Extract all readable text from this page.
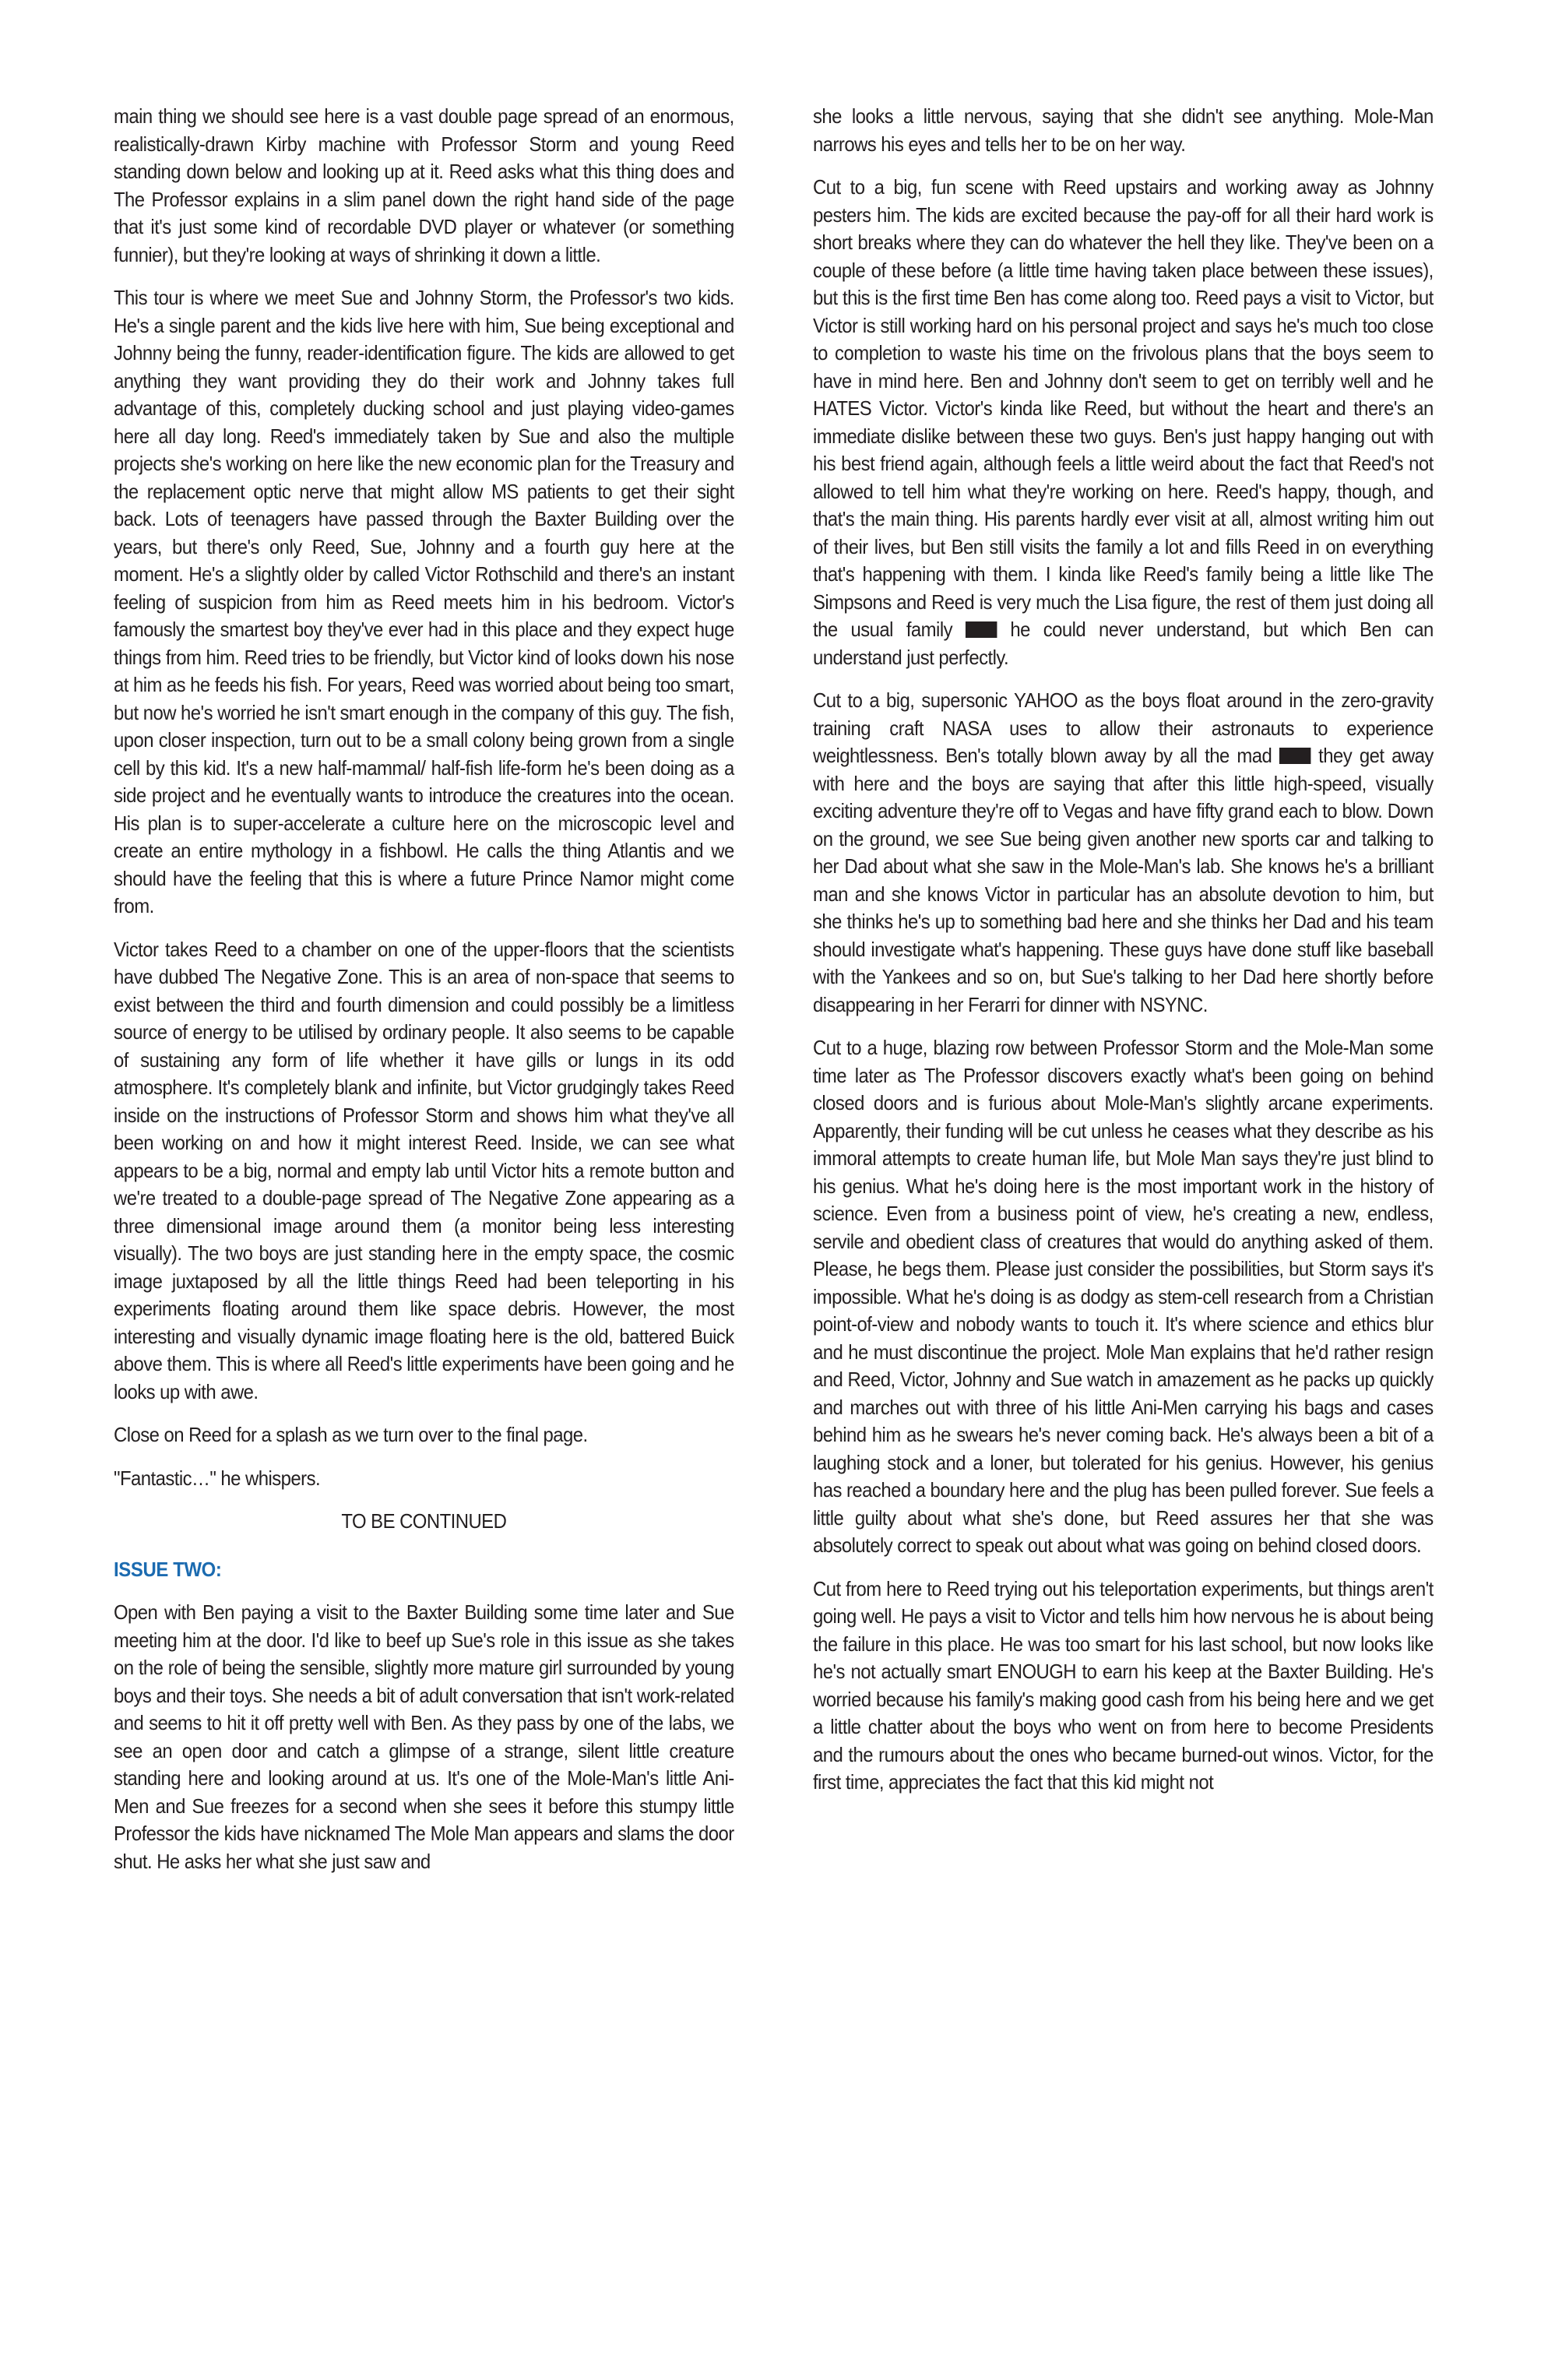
main thing we should see here is a vast double page spread of an enormous, realistically-drawn Kirby machine with Professor Storm and young Reed standing down below and looking up at it. Reed asks what this thing does and The Professor explains in a slim panel down the right hand side of the page that it's just some kind of recordable DVD player or whatever (or something funnier), but they're looking at ways of shrinking it down a little.

This tour is where we meet Sue and Johnny Storm, the Professor's two kids. He's a single parent and the kids live here with him, Sue being exceptional and Johnny being the funny, reader-identification figure. The kids are allowed to get anything they want providing they do their work and Johnny takes full advantage of this, completely ducking school and just playing video-games here all day long. Reed's immediately taken by Sue and also the multiple projects she's working on here like the new economic plan for the Treasury and the replacement optic nerve that might allow MS patients to get their sight back. Lots of teenagers have passed through the Baxter Building over the years, but there's only Reed, Sue, Johnny and a fourth guy here at the moment. He's a slightly older by called Victor Rothschild and there's an instant feeling of suspicion from him as Reed meets him in his bedroom. Victor's famously the smartest boy they've ever had in this place and they expect huge things from him. Reed tries to be friendly, but Victor kind of looks down his nose at him as he feeds his fish. For years, Reed was worried about being too smart, but now he's worried he isn't smart enough in the company of this guy. The fish, upon closer inspection, turn out to be a small colony being grown from a single cell by this kid. It's a new half-mammal/ half-fish life-form he's been doing as a side project and he eventually wants to introduce the creatures into the ocean. His plan is to super-accelerate a culture here on the microscopic level and create an entire mythology in a fishbowl. He calls the thing Atlantis and we should have the feeling that this is where a future Prince Namor might come from.

Victor takes Reed to a chamber on one of the upper-floors that the scientists have dubbed The Negative Zone. This is an area of non-space that seems to exist between the third and fourth dimension and could possibly be a limitless source of energy to be utilised by ordinary people. It also seems to be capable of sustaining any form of life whether it have gills or lungs in its odd atmosphere. It's completely blank and infinite, but Victor grudgingly takes Reed inside on the instructions of Professor Storm and shows him what they've all been working on and how it might interest Reed. Inside, we can see what appears to be a big, normal and empty lab until Victor hits a remote button and we're treated to a double-page spread of The Negative Zone appearing as a three dimensional image around them (a monitor being less interesting visually). The two boys are just standing here in the empty space, the cosmic image juxtaposed by all the little things Reed had been teleporting in his experiments floating around them like space debris. However, the most interesting and visually dynamic image floating here is the old, battered Buick above them. This is where all Reed's little experiments have been going and he looks up with awe.

Close on Reed for a splash as we turn over to the final page.

"Fantastic…" he whispers.

TO BE CONTINUED

ISSUE TWO:

Open with Ben paying a visit to the Baxter Building some time later and Sue meeting him at the door. I'd like to beef up Sue's role in this issue as she takes on the role of being the sensible, slightly more mature girl surrounded by young boys and their toys. She needs a bit of adult conversation that isn't work-related and seems to hit it off pretty well with Ben. As they pass by one of the labs, we see an open door and catch a glimpse of a strange, silent little creature standing here and looking around at us. It's one of the Mole-Man's little Ani-Men and Sue freezes for a second when she sees it before this stumpy little Professor the kids have nicknamed The Mole Man appears and slams the door shut. He asks her what she just saw and

she looks a little nervous, saying that she didn't see anything. Mole-Man narrows his eyes and tells her to be on her way.

Cut to a big, fun scene with Reed upstairs and working away as Johnny pesters him. The kids are excited because the pay-off for all their hard work is short breaks where they can do whatever the hell they like. They've been on a couple of these before (a little time having taken place between these issues), but this is the first time Ben has come along too. Reed pays a visit to Victor, but Victor is still working hard on his personal project and says he's much too close to completion to waste his time on the frivolous plans that the boys seem to have in mind here. Ben and Johnny don't seem to get on terribly well and he HATES Victor. Victor's kinda like Reed, but without the heart and there's an immediate dislike between these two guys. Ben's just happy hanging out with his best friend again, although feels a little weird about the fact that Reed's not allowed to tell him what they're working on here. Reed's happy, though, and that's the main thing. His parents hardly ever visit at all, almost writing him out of their lives, but Ben still visits the family a lot and fills Reed in on everything that's happening with them. I kinda like Reed's family being a little like The Simpsons and Reed is very much the Lisa figure, the rest of them just doing all the usual family	he could never understand, but which Ben can understand just perfectly.

Cut to a big, supersonic YAHOO as the boys float around in the zero-gravity training craft NASA uses to allow their astronauts to experience weightlessness. Ben's totally blown away by all the mad they get away with here and the boys are saying that after this little high-speed, visually exciting adventure they're off to Vegas and have fifty grand each to blow. Down on the ground, we see Sue being given another new sports car and talking to her Dad about what she saw in the Mole-Man's lab. She knows he's a brilliant man and she knows Victor in particular has an absolute devotion to him, but she thinks he's up to something bad here and she thinks her Dad and his team should investigate what's happening. These guys have done stuff like baseball with the Yankees and so on, but Sue's talking to her Dad here shortly before disappearing in her Ferarri for dinner with NSYNC.

Cut to a huge, blazing row between Professor Storm and the Mole-Man some time later as The Professor discovers exactly what's been going on behind closed doors and is furious about Mole-Man's slightly arcane experiments. Apparently, their funding will be cut unless he ceases what they describe as his immoral attempts to create human life, but Mole Man says they're just blind to his genius. What he's doing here is the most important work in the history of science. Even from a business point of view, he's creating a new, endless, servile and obedient class of creatures that would do anything asked of them. Please, he begs them. Please just consider the possibilities, but Storm says it's impossible. What he's doing is as dodgy as stem-cell research from a Christian point-of-view and nobody wants to touch it. It's where science and ethics blur and he must discontinue the project. Mole Man explains that he'd rather resign and Reed, Victor, Johnny and Sue watch in amazement as he packs up quickly and marches out with three of his little Ani-Men carrying his bags and cases behind him as he swears he's never coming back. He's always been a bit of a laughing stock and a loner, but tolerated for his genius. However, his genius has reached a boundary here and the plug has been pulled forever. Sue feels a little guilty about what she's done, but Reed assures her that she was absolutely correct to speak out about what was going on behind closed doors.

Cut from here to Reed trying out his teleportation experiments, but things aren't going well. He pays a visit to Victor and tells him how nervous he is about being the failure in this place. He was too smart for his last school, but now looks like he's not actually smart ENOUGH to earn his keep at the Baxter Building. He's worried because his family's making good cash from his being here and we get a little chatter about the boys who went on from here to become Presidents and the rumours about the ones who became burned-out winos. Victor, for the first time, appreciates the fact that this kid might not
